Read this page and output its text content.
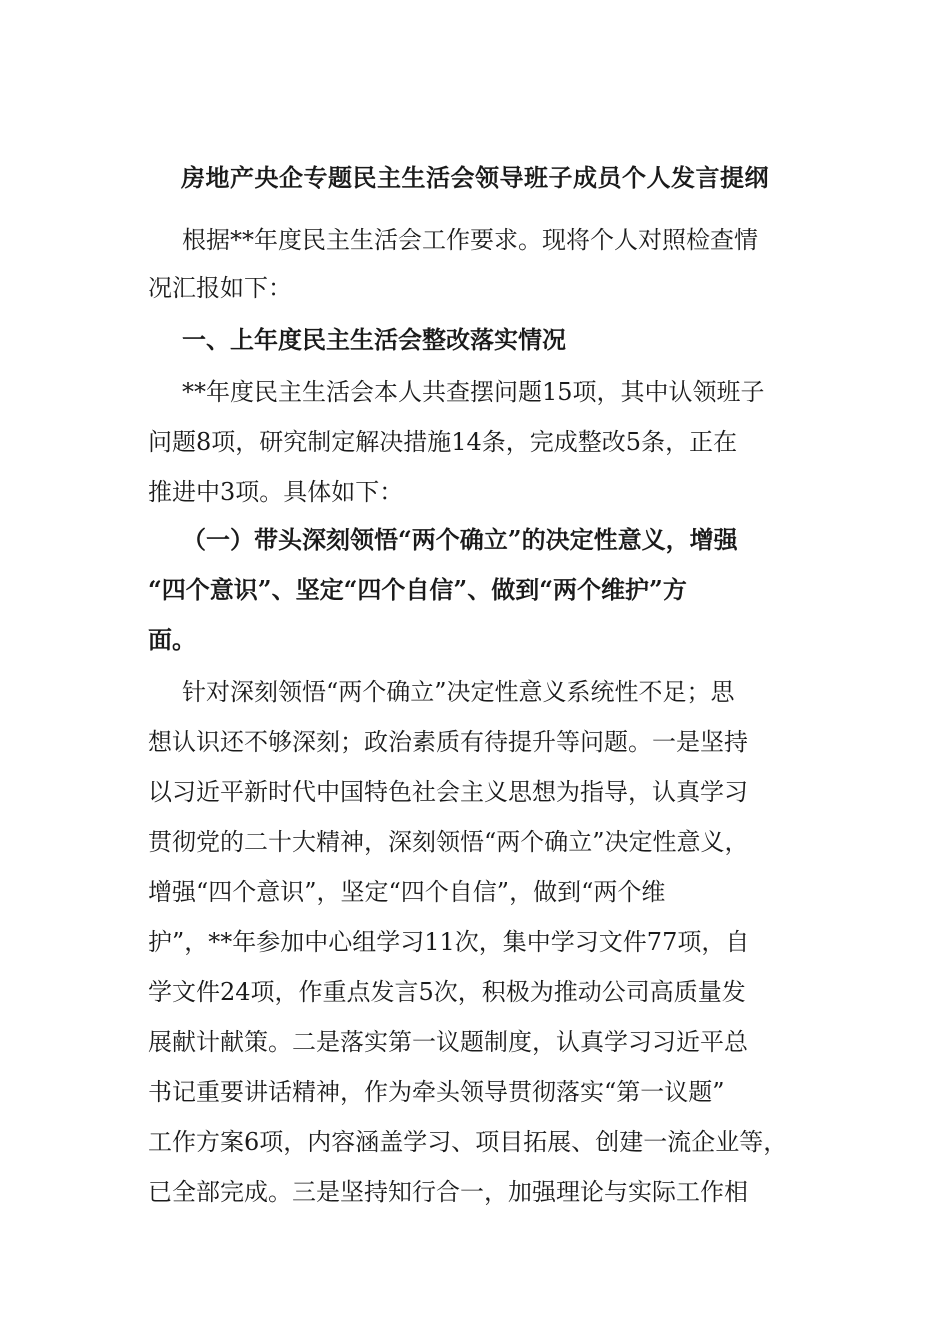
房地产央企专题民主生活会领导班子成员个人发言提纲

根据**年度民主生活会工作要求。现将个人对照检查情

况汇报如下：

一、上年度民主生活会整改落实情况

**年度民主生活会本人共查摆问题15项，其中认领班子

问题8项，研究制定解决措施14条，完成整改5条，正在

推进中3项。具体如下：

（一）带头深刻领悟“两个确立”的决定性意义，增强

“四个意识”、坚定“四个自信”、做到“两个维护”方

面。

针对深刻领悟“两个确立”决定性意义系统性不足；思

想认识还不够深刻；政治素质有待提升等问题。一是坚持

以习近平新时代中国特色社会主义思想为指导，认真学习

贯彻党的二十大精神，深刻领悟“两个确立”决定性意义，

增强“四个意识”，坚定“四个自信”，做到“两个维

护”，**年参加中心组学习11次，集中学习文件77项，自

学文件24项，作重点发言5次，积极为推动公司高质量发

展献计献策。二是落实第一议题制度，认真学习习近平总

书记重要讲话精神，作为牵头领导贯彻落实“第一议题”

工作方案6项，内容涵盖学习、项目拓展、创建一流企业等，

已全部完成。三是坚持知行合一，加强理论与实际工作相
